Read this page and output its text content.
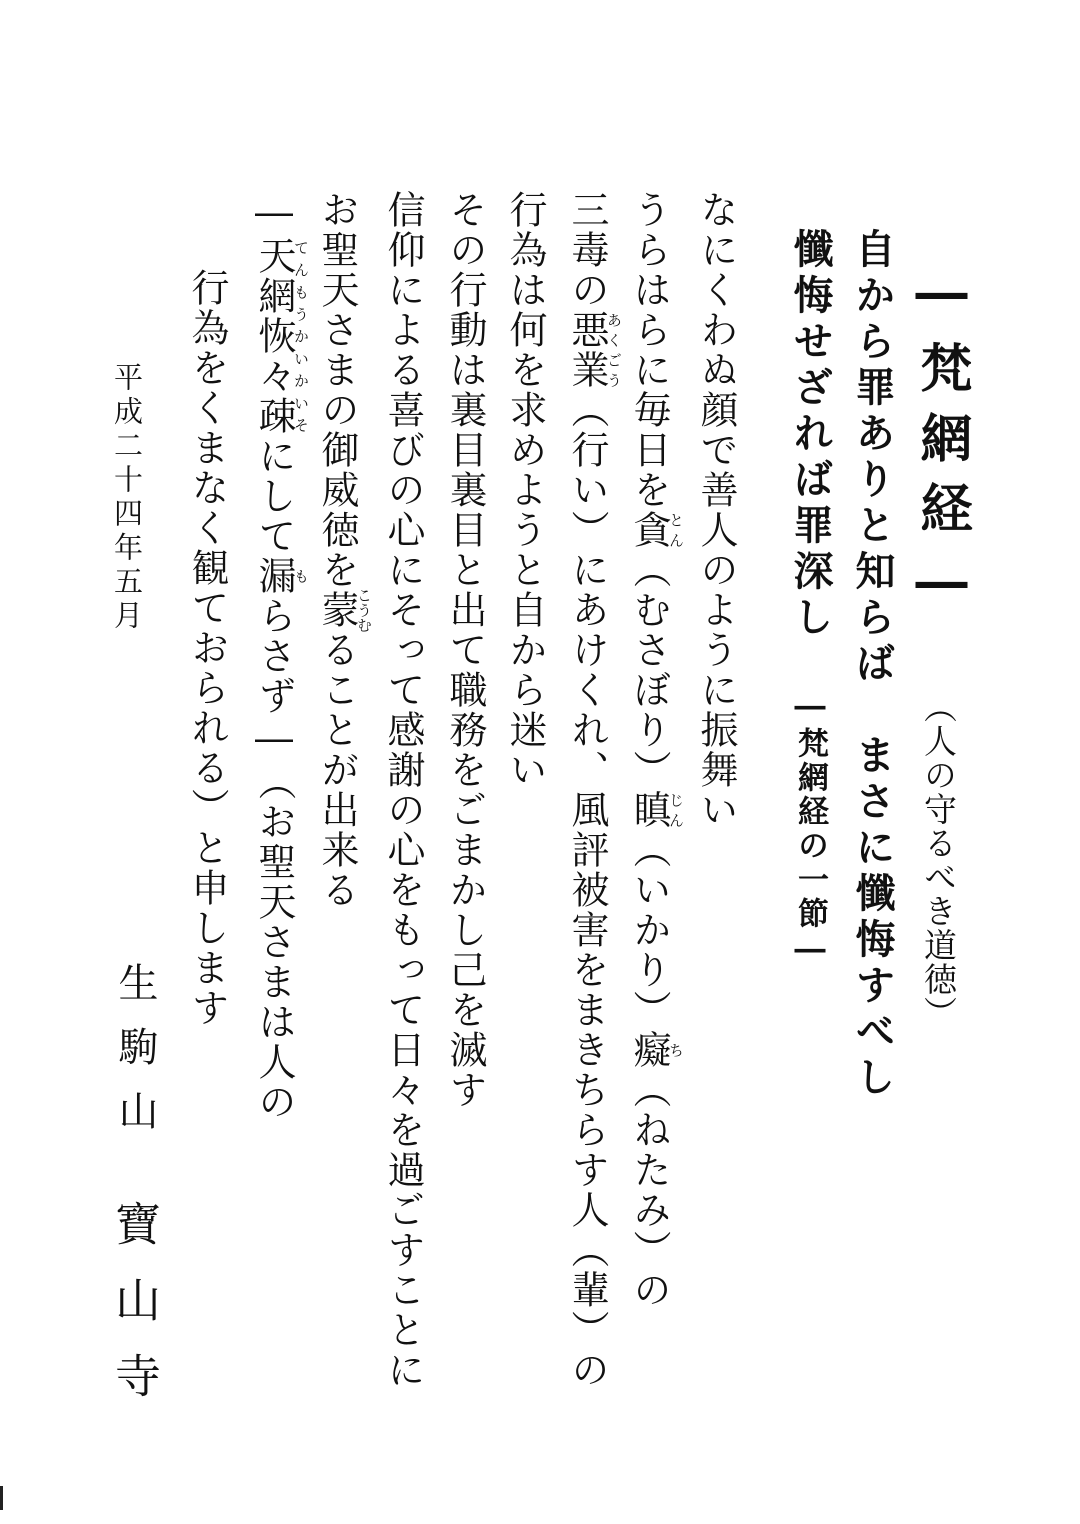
―梵網経―
（人の守るべき道徳）
自から罪ありと知らば　まさに懺悔すべし
懺悔せざれば罪深し　―梵網経の一節―
なにくわぬ顔で善人のように振舞い
うらはらに毎日を貪とん（むさぼり）瞋じん（いかり）癡ち（ねたみ）の
三毒の悪業あくごう（行い）にあけくれ、風評被害をまきちらす人（輩）の
行為は何を求めようと自から迷い
その行動は裏目裏目と出て職務をごまかし己を滅す
信仰による喜びの心にそって感謝の心をもって日々を過ごすことに
お聖天さまの御威徳を蒙こうむることが出来る
―天網恢々疎てんもうかいかいそにして漏もらさず―（お聖天さまは人の
行為をくまなく観ておられる）と申します
平成二十四年五月
生駒山寶山寺
